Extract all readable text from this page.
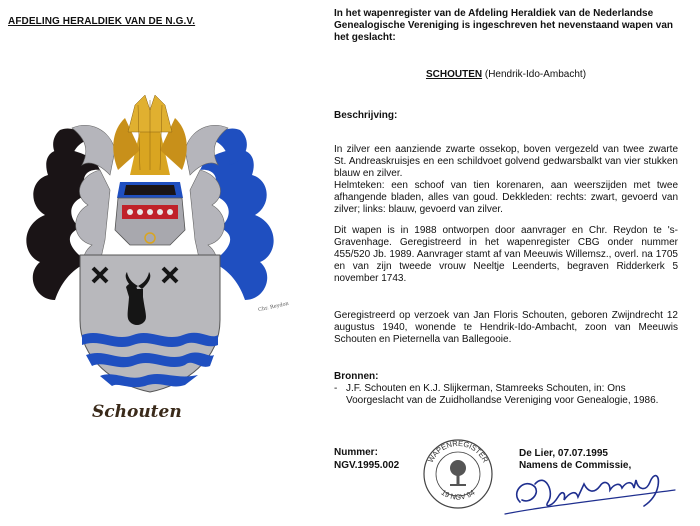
AFDELING HERALDIEK VAN DE N.G.V.
Chr. Reydon
Schouten
In het wapenregister van de Afdeling Heraldiek van de Nederlandse Genealogische Vereniging is ingeschreven het nevenstaand wapen van het geslacht:
SCHOUTEN (Hendrik-Ido-Ambacht)
Beschrijving:
In zilver een aanziende zwarte ossekop, boven vergezeld van twee zwarte St. Andreaskruisjes en een schildvoet golvend gedwarsbalkt van vier stukken blauw en zilver.
Helmteken: een schoof van tien korenaren, aan weerszijden met twee afhangende bladen, alles van goud. Dekkleden: rechts: zwart, gevoerd van zilver; links: blauw, gevoerd van zilver.
Dit wapen is in 1988 ontworpen door aanvrager en Chr. Reydon te 's-Gravenhage. Geregistreerd in het wapenregister CBG onder nummer 455/520 Jb. 1989. Aanvrager stamt af van Meeuwis Willemsz., overl. na 1705 en van zijn tweede vrouw Neeltje Leenderts, begraven Ridderkerk 5 november 1743.
Geregistreerd op verzoek van Jan Floris Schouten, geboren Zwijndrecht 12 augustus 1940, wonende te Hendrik-Ido-Ambacht, zoon van Meeuwis Schouten en Pieternella van Ballegooie.
Bronnen:
- J.F. Schouten en K.J. Slijkerman, Stamreeks Schouten, in: Ons Voorgeslacht van de Zuidhollandse Vereniging voor Genealogie, 1986.
Nummer:
NGV.1995.002
De Lier, 07.07.1995
Namens de Commissie,
WAPENREGISTER
19 NGV 94
